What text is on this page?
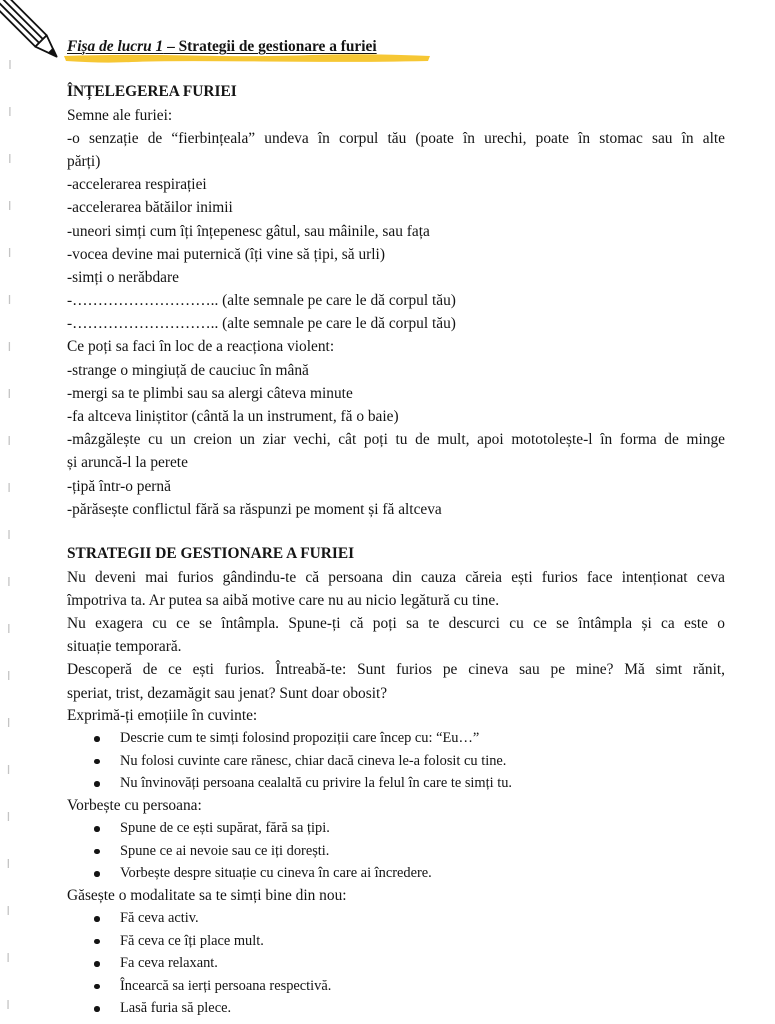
Fișa de lucru 1 – Strategii de gestionare a furiei
ÎNȚELEGEREA FURIEI
Semne ale furiei:
-o senzație de “fierbințeala” undeva în corpul tău (poate în urechi, poate în stomac sau în alte
părți)
-accelerarea respirației
-accelerarea bătăilor inimii
-uneori simți cum îți înțepenesc gâtul, sau mâinile, sau fața
-vocea devine mai puternică (îți vine să țipi, să urli)
-simți o nerăbdare
-……………………….. (alte semnale pe care le dă corpul tău)
-……………………….. (alte semnale pe care le dă corpul tău)
Ce poți sa faci în loc de a reacționa violent:
-strange o mingiuță de cauciuc în mână
-mergi sa te plimbi sau sa alergi câteva minute
-fa altceva liniștitor (cântă la un instrument, fă o baie)
-mâzgălește cu un creion un ziar vechi, cât poți tu de mult, apoi mototolește-l în forma de minge
și aruncă-l la perete
-țipă într-o pernă
-părăsește conflictul fără sa răspunzi pe moment și fă altceva
STRATEGII DE GESTIONARE A FURIEI
Nu deveni mai furios gândindu-te că persoana din cauza căreia ești furios face intenționat ceva
împotriva ta. Ar putea sa aibă motive care nu au nicio legătură cu tine.
Nu exagera cu ce se întâmpla. Spune-ți că poți sa te descurci cu ce se întâmpla și ca este o
situație temporară.
Descoperă de ce ești furios. Întreabă-te: Sunt furios pe cineva sau pe mine? Mă simt rănit,
speriat, trist, dezamăgit sau jenat? Sunt doar obosit?
Exprimă-ți emoțiile în cuvinte:
Descrie cum te simți folosind propoziții care încep cu: “Eu…”
Nu folosi cuvinte care rănesc, chiar dacă cineva le-a folosit cu tine.
Nu învinovăți persoana cealaltă cu privire la felul în care te simți tu.
Vorbește cu persoana:
Spune de ce ești supărat, fără sa țipi.
Spune ce ai nevoie sau ce iți dorești.
Vorbește despre situație cu cineva în care ai încredere.
Găsește o modalitate sa te simți bine din nou:
Fă ceva activ.
Fă ceva ce îți place mult.
Fa ceva relaxant.
Încearcă sa ierți persoana respectivă.
Lasă furia să plece.
